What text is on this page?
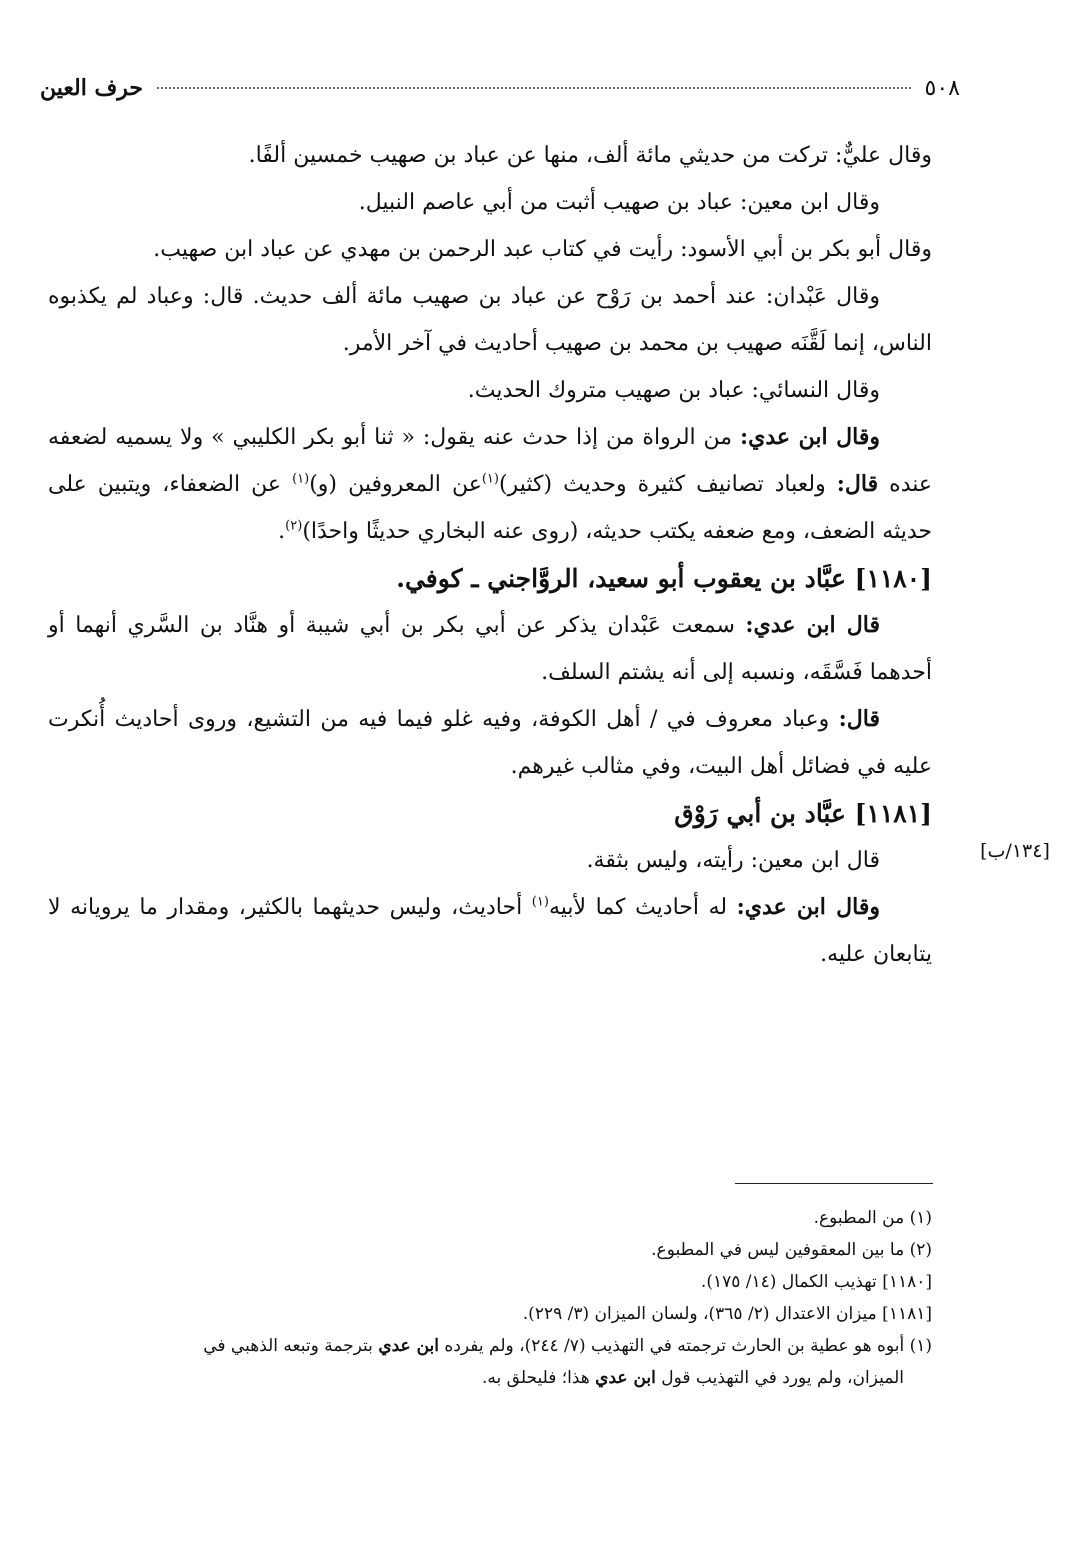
٥٠٨
حرف العين
[١٣٤/ب]

وقال عليٌّ: تركت من حديثي مائة ألف، منها عن عباد بن صهيب خمسين ألفًا.

وقال ابن معين: عباد بن صهيب أثبت من أبي عاصم النبيل.

وقال أبو بكر بن أبي الأسود: رأيت في كتاب عبد الرحمن بن مهدي عن عباد ابن صهيب.

وقال عَبْدان: عند أحمد بن رَوْح عن عباد بن صهيب مائة ألف حديث. قال: وعباد لم يكذبوه الناس، إنما لَقَّنَه صهيب بن محمد بن صهيب أحاديث في آخر الأمر.

وقال النسائي: عباد بن صهيب متروك الحديث.

وقال ابن عدي: من الرواة من إذا حدث عنه يقول: « ثنا أبو بكر الكليبي » ولا يسميه لضعفه عنده قال: ولعباد تصانيف كثيرة وحديث (كثير)$^{(١)}$عن المعروفين (و)$^{(١)}$ عن الضعفاء، ويتبين على حديثه الضعف، ومع ضعفه يكتب حديثه، (روى عنه البخاري حديثًا واحدًا)$^{(٢)}$.

[١١٨٠] عبَّاد بن يعقوب أبو سعيد، الروَّاجني ـ كوفي.

قال ابن عدي: سمعت عَبْدان يذكر عن أبي بكر بن أبي شيبة أو هنَّاد بن السَّري أنهما أو أحدهما فَسَّقَه، ونسبه إلى أنه يشتم السلف.

قال: وعباد معروف في / أهل الكوفة، وفيه غلو فيما فيه من التشيع، وروى أحاديث أُنكرت عليه في فضائل أهل البيت، وفي مثالب غيرهم.

[١١٨١] عبَّاد بن أبي رَوْق

قال ابن معين: رأيته، وليس بثقة.

وقال ابن عدي: له أحاديث كما لأبيه$^{(١)}$ أحاديث، وليس حديثهما بالكثير، ومقدار ما يرويانه لا يتابعان عليه.

(١) من المطبوع.

(٢) ما بين المعقوفين ليس في المطبوع.

[١١٨٠] تهذيب الكمال (١٤/ ١٧٥).

[١١٨١] ميزان الاعتدال (٢/ ٣٦٥)، ولسان الميزان (٣/ ٢٢٩).

(١) أبوه هو عطية بن الحارث ترجمته في التهذيب (٧/ ٢٤٤)، ولم يفرده ابن عدي بترجمة وتبعه الذهبي في

الميزان، ولم يورد في التهذيب قول ابن عدي هذا؛ فليحلق به.
